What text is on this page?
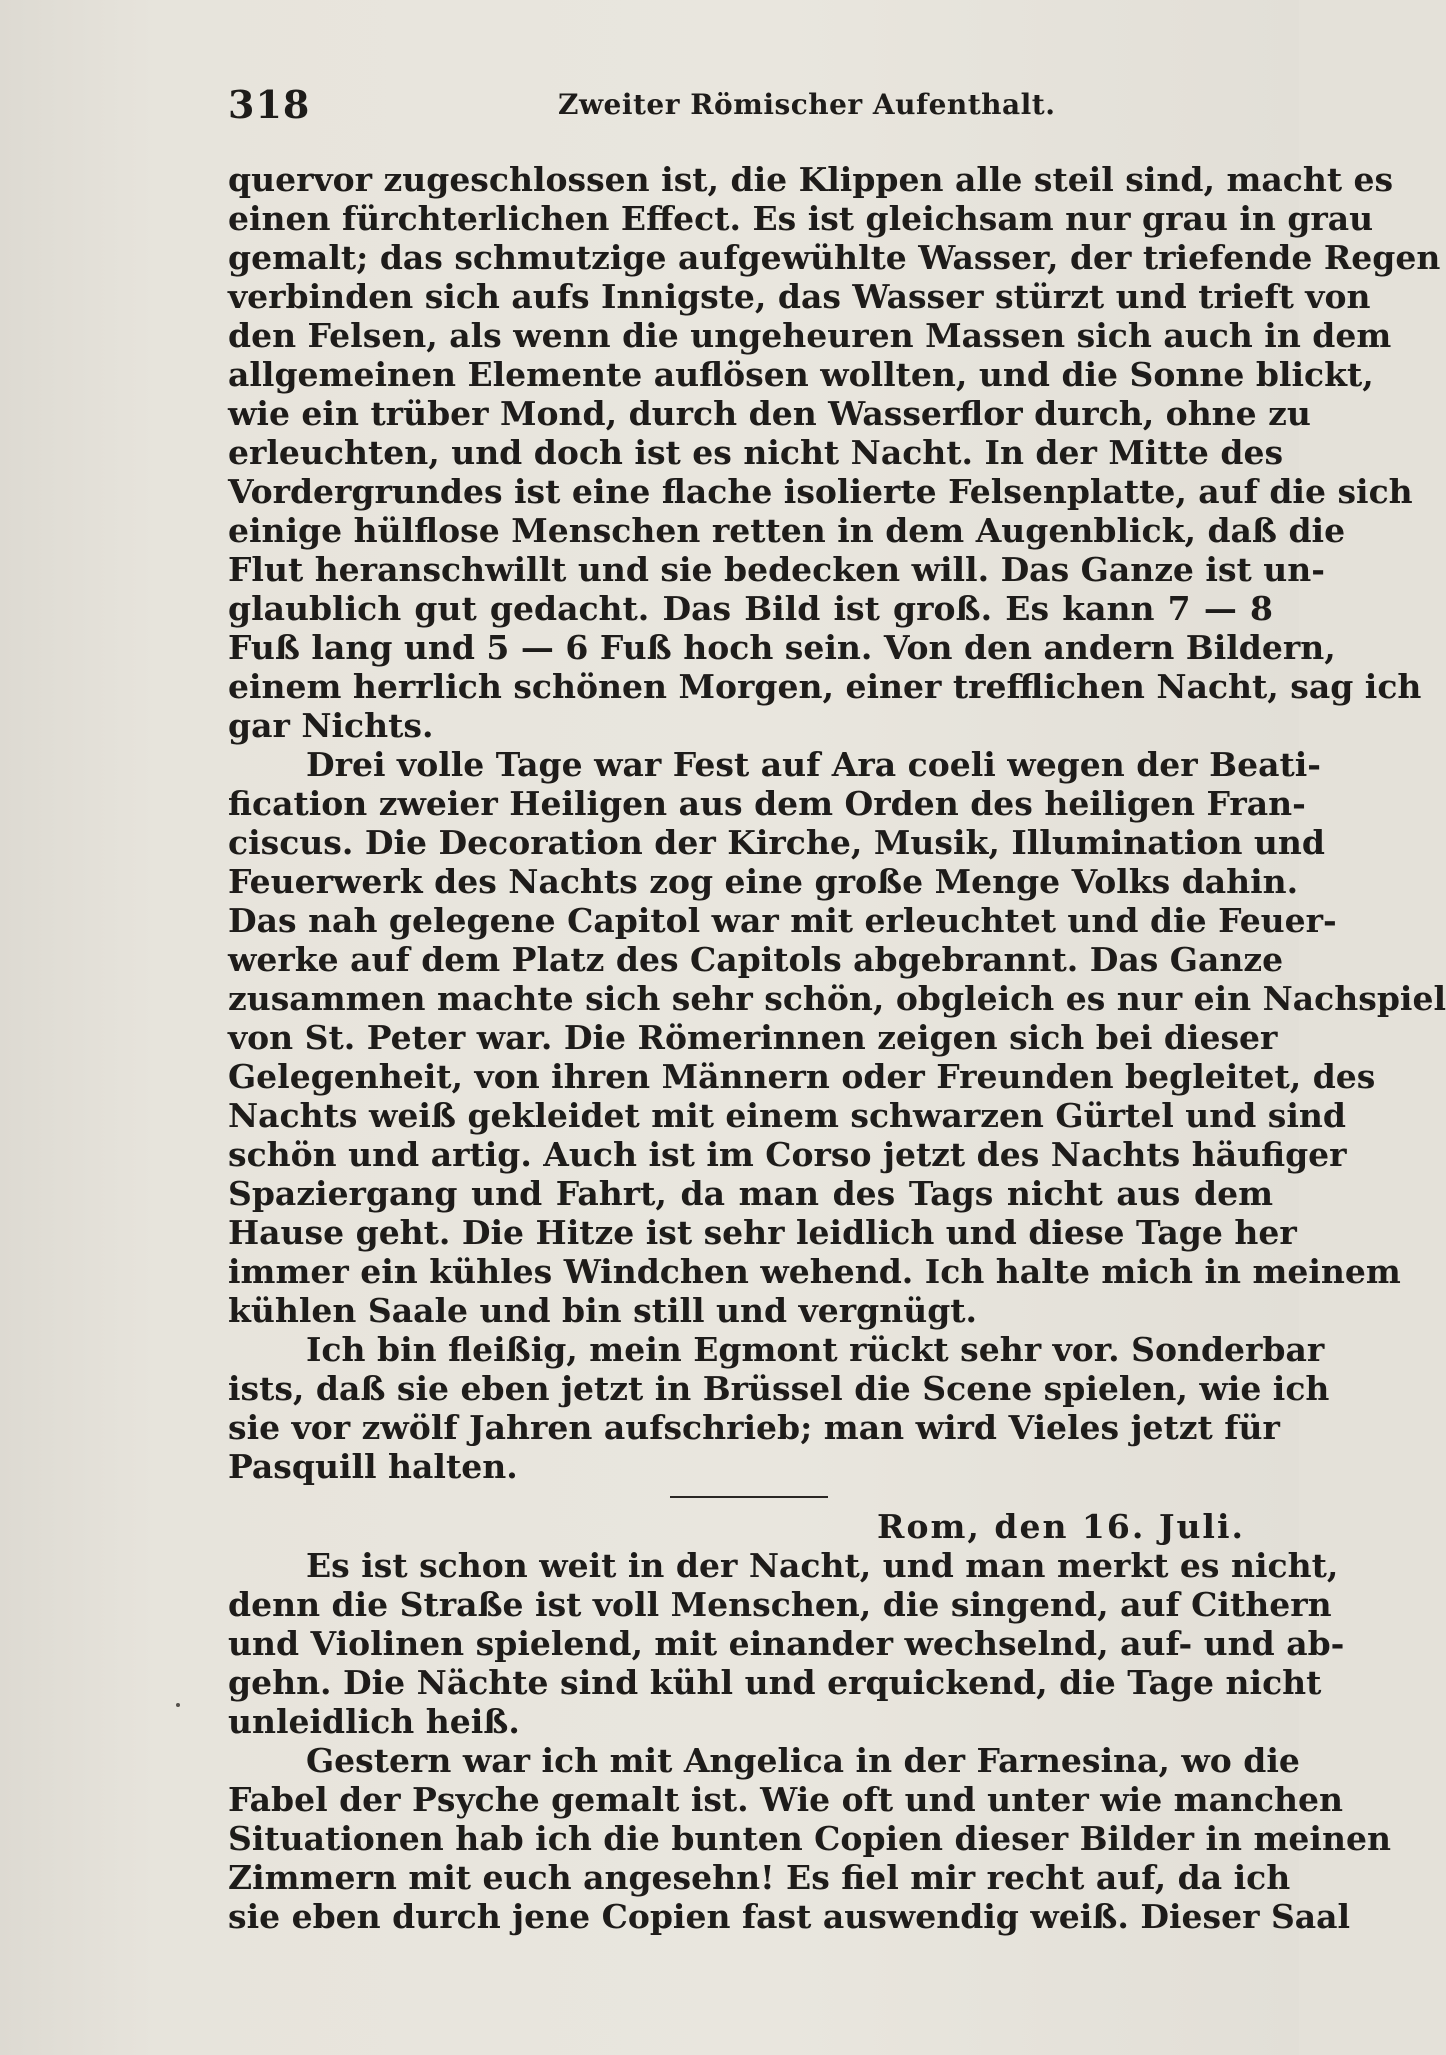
318	Zweiter Römischer Aufenthalt.
quervor zugeschlossen ist, die Klippen alle steil sind, macht es
einen fürchterlichen Effect. Es ist gleichsam nur grau in grau
gemalt; das schmutzige aufgewühlte Wasser, der triefende Regen
verbinden sich aufs Innigste, das Wasser stürzt und trieft von
den Felsen, als wenn die ungeheuren Massen sich auch in dem
allgemeinen Elemente auflösen wollten, und die Sonne blickt,
wie ein trüber Mond, durch den Wasserflor durch, ohne zu
erleuchten, und doch ist es nicht Nacht. In der Mitte des
Vordergrundes ist eine flache isolierte Felsenplatte, auf die sich
einige hülflose Menschen retten in dem Augenblick, daß die
Flut heranschwillt und sie bedecken will. Das Ganze ist un-
glaublich gut gedacht. Das Bild ist groß. Es kann 7 — 8
Fuß lang und 5 — 6 Fuß hoch sein. Von den andern Bildern,
einem herrlich schönen Morgen, einer trefflichen Nacht, sag ich
gar Nichts.
Drei volle Tage war Fest auf Ara coeli wegen der Beati-
fication zweier Heiligen aus dem Orden des heiligen Fran-
ciscus. Die Decoration der Kirche, Musik, Illumination und
Feuerwerk des Nachts zog eine große Menge Volks dahin.
Das nah gelegene Capitol war mit erleuchtet und die Feuer-
werke auf dem Platz des Capitols abgebrannt. Das Ganze
zusammen machte sich sehr schön, obgleich es nur ein Nachspiel
von St. Peter war. Die Römerinnen zeigen sich bei dieser
Gelegenheit, von ihren Männern oder Freunden begleitet, des
Nachts weiß gekleidet mit einem schwarzen Gürtel und sind
schön und artig. Auch ist im Corso jetzt des Nachts häufiger
Spaziergang und Fahrt, da man des Tags nicht aus dem
Hause geht. Die Hitze ist sehr leidlich und diese Tage her
immer ein kühles Windchen wehend. Ich halte mich in meinem
kühlen Saale und bin still und vergnügt.
Ich bin fleißig, mein Egmont rückt sehr vor. Sonderbar
ists, daß sie eben jetzt in Brüssel die Scene spielen, wie ich
sie vor zwölf Jahren aufschrieb; man wird Vieles jetzt für
Pasquill halten.
Rom, den 16. Juli.
Es ist schon weit in der Nacht, und man merkt es nicht,
denn die Straße ist voll Menschen, die singend, auf Cithern
und Violinen spielend, mit einander wechselnd, auf- und ab-
gehn. Die Nächte sind kühl und erquickend, die Tage nicht
unleidlich heiß.
Gestern war ich mit Angelica in der Farnesina, wo die
Fabel der Psyche gemalt ist. Wie oft und unter wie manchen
Situationen hab ich die bunten Copien dieser Bilder in meinen
Zimmern mit euch angesehn! Es fiel mir recht auf, da ich
sie eben durch jene Copien fast auswendig weiß. Dieser Saal
